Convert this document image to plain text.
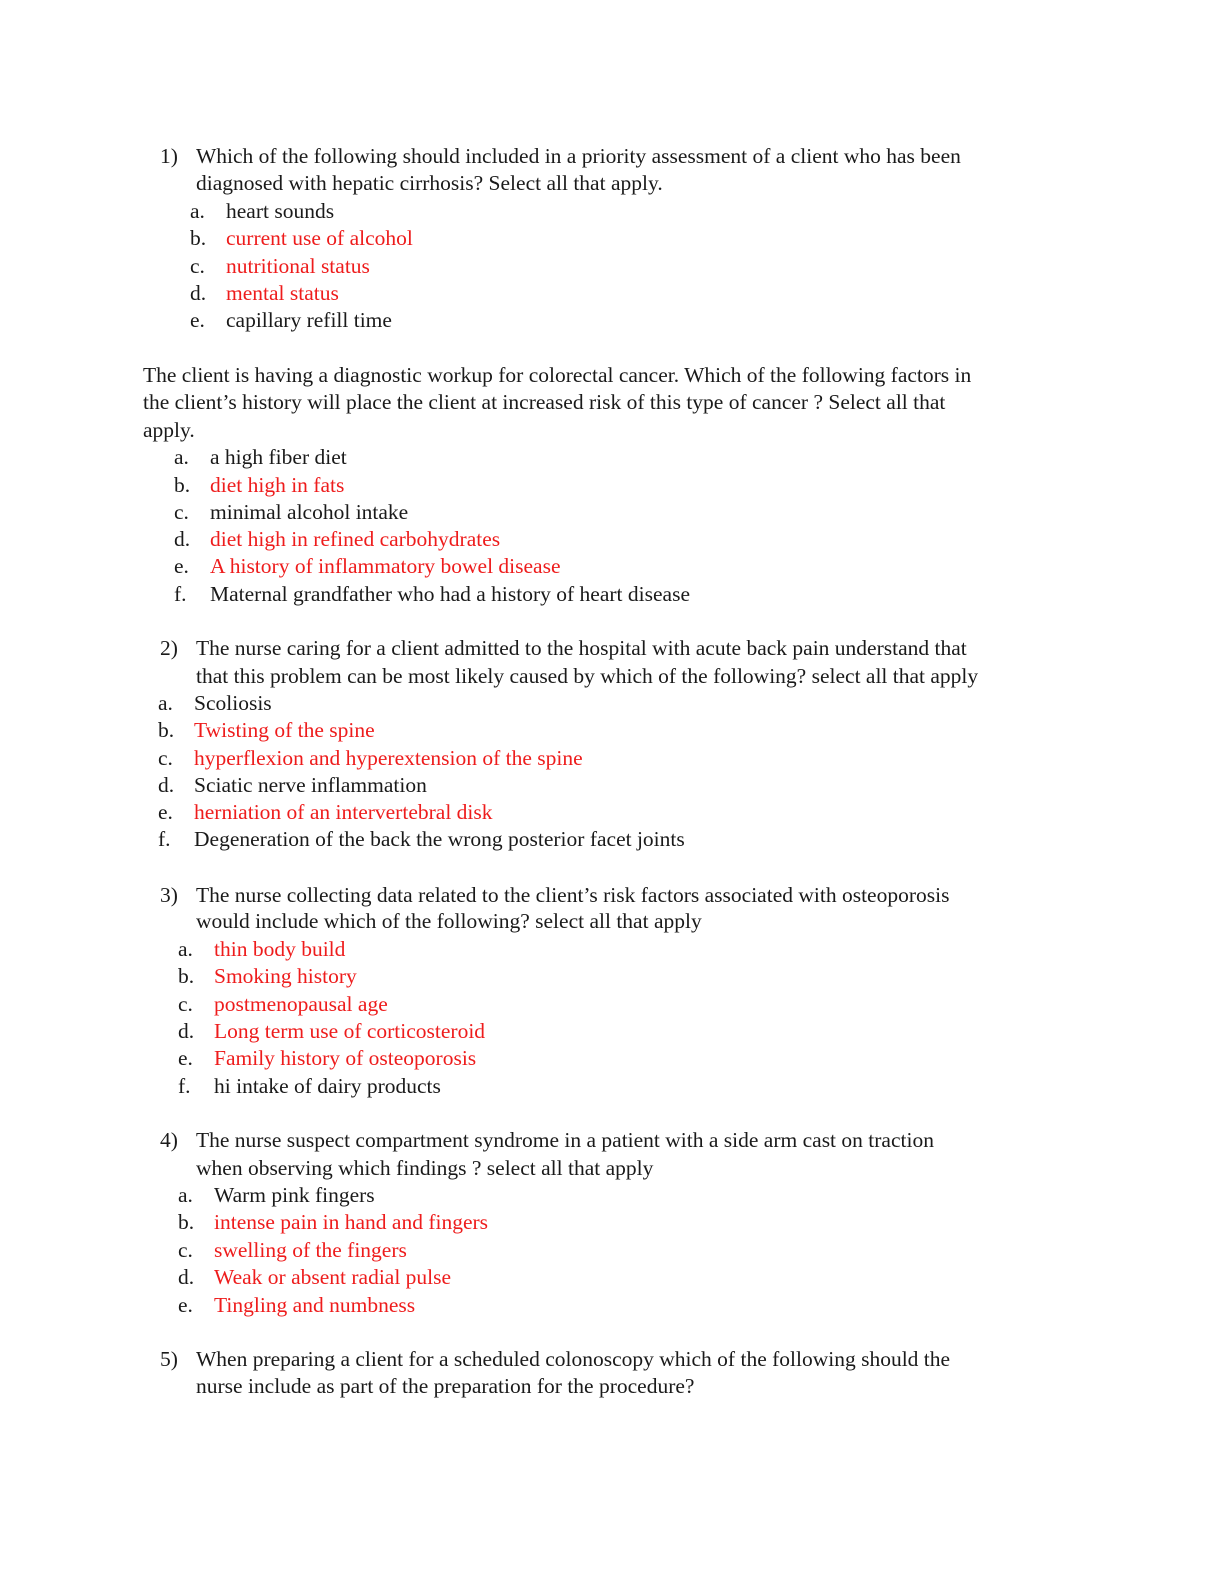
1) Which of the following should included in a priority assessment of a client who has been
diagnosed with hepatic cirrhosis? Select all that apply.
a. heart sounds
b. current use of alcohol
c. nutritional status
d. mental status
e. capillary refill time
The client is having a diagnostic workup for colorectal cancer. Which of the following factors in
the client’s history will place the client at increased risk of this type of cancer ? Select all that
apply.
a. a high fiber diet
b. diet high in fats
c. minimal alcohol intake
d. diet high in refined carbohydrates
e. A history of inflammatory bowel disease
f. Maternal grandfather who had a history of heart disease
2) The nurse caring for a client admitted to the hospital with acute back pain understand that
that this problem can be most likely caused by which of the following? select all that apply
a. Scoliosis
b. Twisting of the spine
c. hyperflexion and hyperextension of the spine
d. Sciatic nerve inflammation
e. herniation of an intervertebral disk
f. Degeneration of the back the wrong posterior facet joints
3) The nurse collecting data related to the client’s risk factors associated with osteoporosis
would include which of the following? select all that apply
a. thin body build
b. Smoking history
c. postmenopausal age
d. Long term use of corticosteroid
e. Family history of osteoporosis
f. hi intake of dairy products
4) The nurse suspect compartment syndrome in a patient with a side arm cast on traction
when observing which findings ? select all that apply
a. Warm pink fingers
b. intense pain in hand and fingers
c. swelling of the fingers
d. Weak or absent radial pulse
e. Tingling and numbness
5) When preparing a client for a scheduled colonoscopy which of the following should the
nurse include as part of the preparation for the procedure?
